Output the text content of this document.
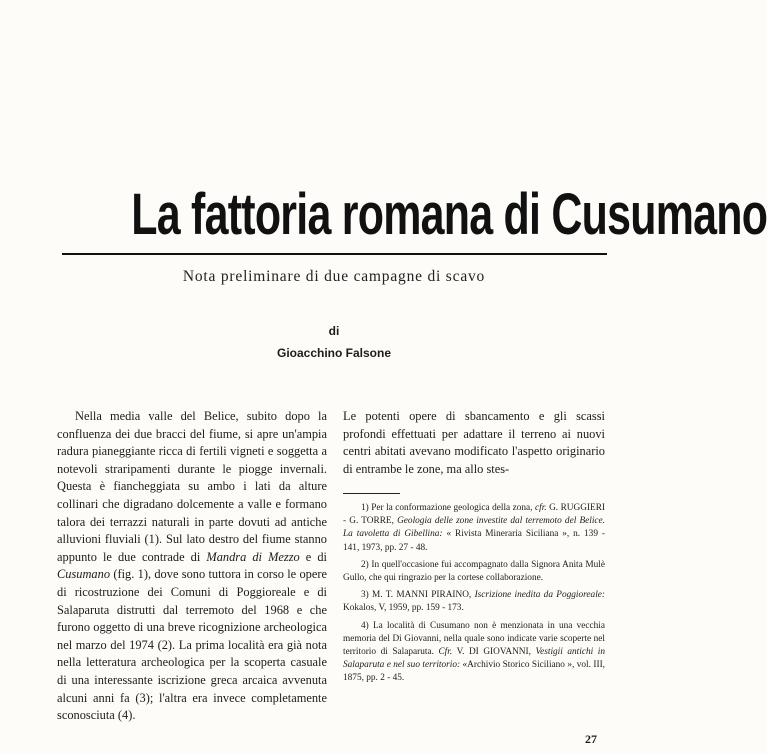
La fattoria romana di Cusumano
Nota preliminare di due campagne di scavo
di
Gioacchino Falsone

Nella media valle del Belice, subito dopo la confluenza dei due bracci del fiume, si apre un'ampia radura pianeggiante ricca di fertili vigneti e soggetta a notevoli straripamenti durante le piogge invernali. Questa è fiancheggiata su ambo i lati da alture collinari che digradano dolcemente a valle e formano talora dei terrazzi naturali in parte dovuti ad antiche alluvioni fluviali (1). Sul lato destro del fiume stanno appunto le due contrade di Mandra di Mezzo e di Cusumano (fig. 1), dove sono tuttora in corso le opere di ricostruzione dei Comuni di Poggioreale e di Salaparuta distrutti dal terremoto del 1968 e che furono oggetto di una breve ricognizione archeologica nel marzo del 1974 (2). La prima località era già nota nella letteratura archeologica per la scoperta casuale di una interessante iscrizione greca arcaica avvenuta alcuni anni fa (3); l'altra era invece completamente sconosciuta (4).

Le potenti opere di sbancamento e gli scassi profondi effettuati per adattare il terreno ai nuovi centri abitati avevano modificato l'aspetto originario di entrambe le zone, ma allo stes-

1) Per la conformazione geologica della zona, cfr. G. RUGGIERI - G. TORRE, Geologia delle zone investite dal terremoto del Belice. La tavoletta di Gibellina: « Rivista Mineraria Siciliana », n. 139 - 141, 1973, pp. 27 - 48.

2) In quell'occasione fui accompagnato dalla Signora Anita Mulè Gullo, che qui ringrazio per la cortese collaborazione.

3) M. T. MANNI PIRAINO, Iscrizione inedita da Poggioreale: Kokalos, V, 1959, pp. 159 - 173.

4) La località di Cusumano non è menzionata in una vecchia memoria del Di Giovanni, nella quale sono indicate varie scoperte nel territorio di Salaparuta. Cfr. V. DI GIOVANNI, Vestigii antichi in Salaparuta e nel suo territorio: «Archivio Storico Siciliano », vol. III, 1875, pp. 2 - 45.

27
